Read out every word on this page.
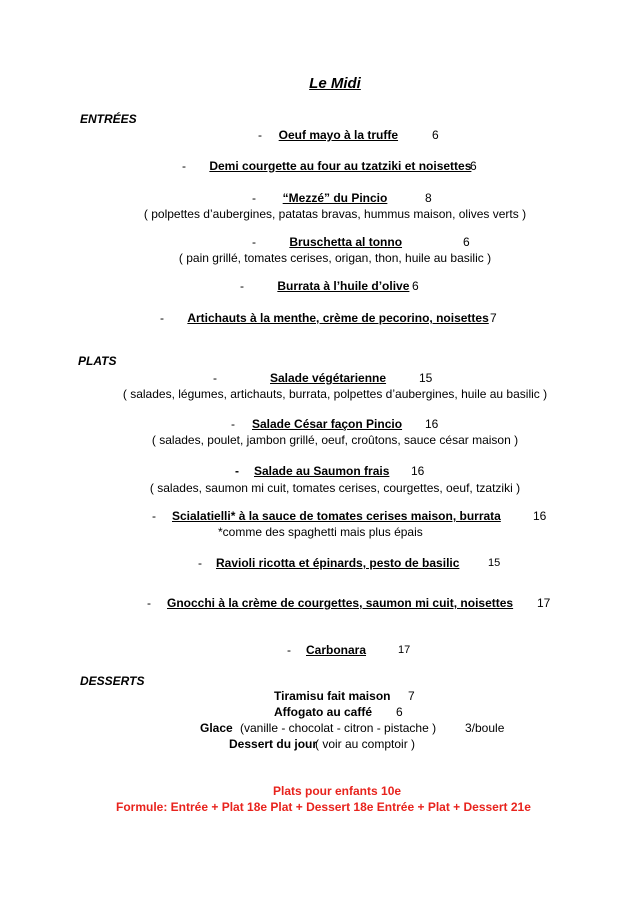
Le Midi
ENTRÉES
- Oeuf mayo à la truffe	6
- Demi courgette au four au tzatziki et noisettes
6
- “Mezzé” du Pincio	8
( polpettes d’aubergines, patatas bravas, hummus maison, olives verts )
-	Bruschetta al tonno	6
( pain grillé, tomates cerises, origan, thon, huile au basilic )
-	Burrata à l’huile d’olive 6
- Artichauts à la menthe, crème de pecorino, noisettes 7
PLATS
-	Salade végétarienne	15
( salades, légumes, artichauts, burrata, polpettes d’aubergines, huile au basilic )
- Salade César façon Pincio 16
( salades, poulet, jambon grillé, oeuf, croûtons, sauce césar maison )
- Salade au Saumon frais 16
( salades, saumon mi cuit, tomates cerises, courgettes, oeuf, tzatziki )
- Scialatielli* à la sauce de tomates cerises maison, burrata	16
*comme des spaghetti mais plus épais
- Ravioli ricotta et épinards, pesto de basilic	15
- Gnocchi à la crème de courgettes, saumon mi cuit, noisettes 17
- Carbonara	17
DESSERTS
Tiramisu fait maison 7
Affogato au caffé 6
Glace (vanille - chocolat - citron - pistache ) 3/boule
Dessert du jour
( voir au comptoir )
Plats pour enfants 10e
Formule: Entrée + Plat 18e Plat + Dessert 18e Entrée + Plat + Dessert 21e
